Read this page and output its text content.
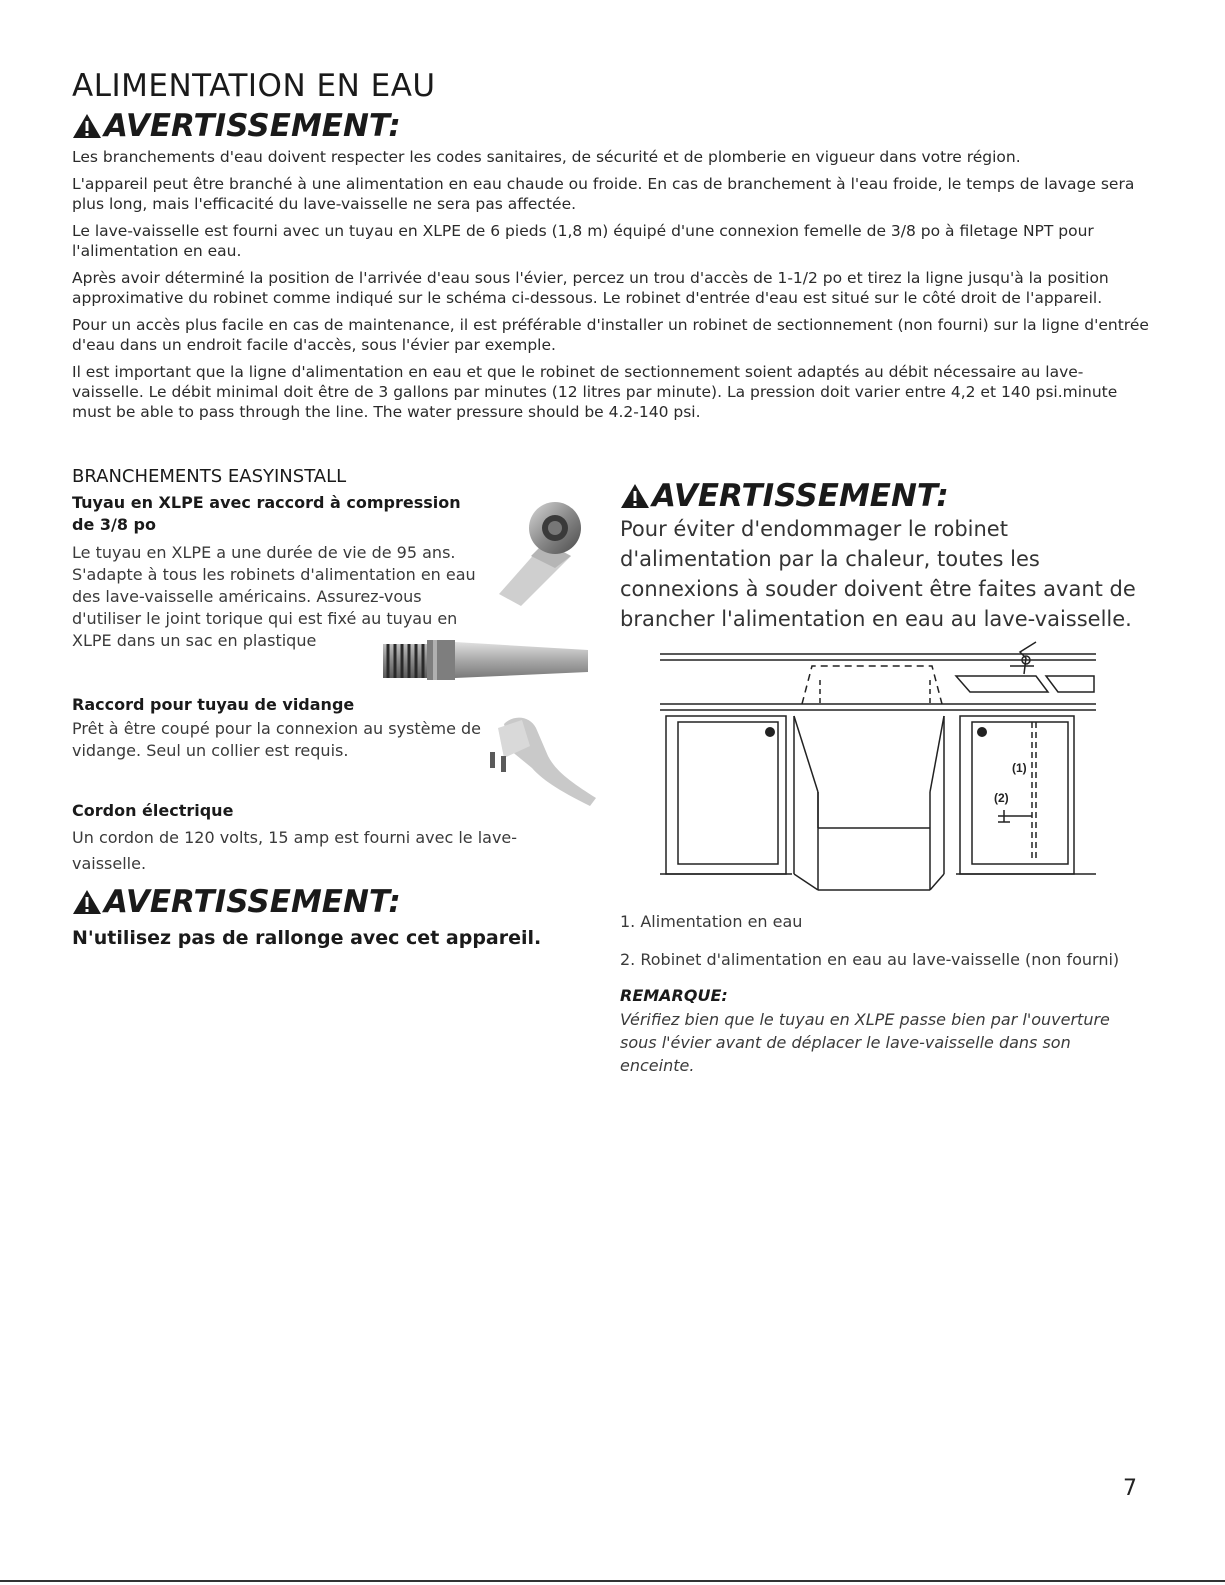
ALIMENTATION EN EAU
AVERTISSEMENT:

Les branchements d'eau doivent respecter les codes sanitaires, de sécurité et de plomberie en vigueur dans votre région.

L'appareil peut être branché à une alimentation en eau chaude ou froide. En cas de branchement à l'eau froide, le temps de lavage sera plus long, mais l'efficacité du lave-vaisselle ne sera pas affectée.

Le lave-vaisselle est fourni avec un tuyau en XLPE de 6 pieds (1,8 m) équipé d'une connexion femelle de 3/8 po à filetage NPT pour l'alimentation en eau.

Après avoir déterminé la position de l'arrivée d'eau sous l'évier, percez un trou d'accès de 1-1/2 po et tirez la ligne jusqu'à la position approximative du robinet comme indiqué sur le schéma ci-dessous. Le robinet d'entrée d'eau est situé sur le côté droit de l'appareil.

Pour un accès plus facile en cas de maintenance, il est préférable d'installer un robinet de sectionnement (non fourni) sur la ligne d'entrée d'eau dans un endroit facile d'accès, sous l'évier par exemple.

Il est important que la ligne d'alimentation en eau et que le robinet de sectionnement soient adaptés au débit nécessaire au lave-vaisselle. Le débit minimal doit être de 3 gallons par minutes (12 litres par minute). La pression doit varier entre 4,2 et 140 psi.minute must be able to pass through the line. The water pressure should be 4.2-140 psi.

BRANCHEMENTS EASYINSTALL
Tuyau en XLPE avec raccord à compression de 3/8 po
Le tuyau en XLPE a une durée de vie de 95 ans. S'adapte à tous les robinets d'alimentation en eau des lave-vaisselle américains. Assurez-vous d'utiliser le joint torique qui est fixé au tuyau en XLPE dans un sac en plastique
Raccord pour tuyau de vidange
Prêt à être coupé pour la connexion au système de vidange. Seul un collier est requis.
Cordon électrique
Un cordon de 120 volts, 15 amp est fourni avec le lave-vaisselle.
AVERTISSEMENT:
N'utilisez pas de rallonge avec cet appareil.
AVERTISSEMENT:
Pour éviter d'endommager le robinet d'alimentation par la chaleur, toutes les connexions à souder doivent être faites avant de brancher l'alimentation en eau au lave-vaisselle.
(1)
(2)
1. Alimentation en eau
2. Robinet d'alimentation en eau au lave-vaisselle (non fourni)
REMARQUE:
Vérifiez bien que le tuyau en XLPE passe bien par l'ouverture sous l'évier avant de déplacer le lave-vaisselle dans son enceinte.
7
